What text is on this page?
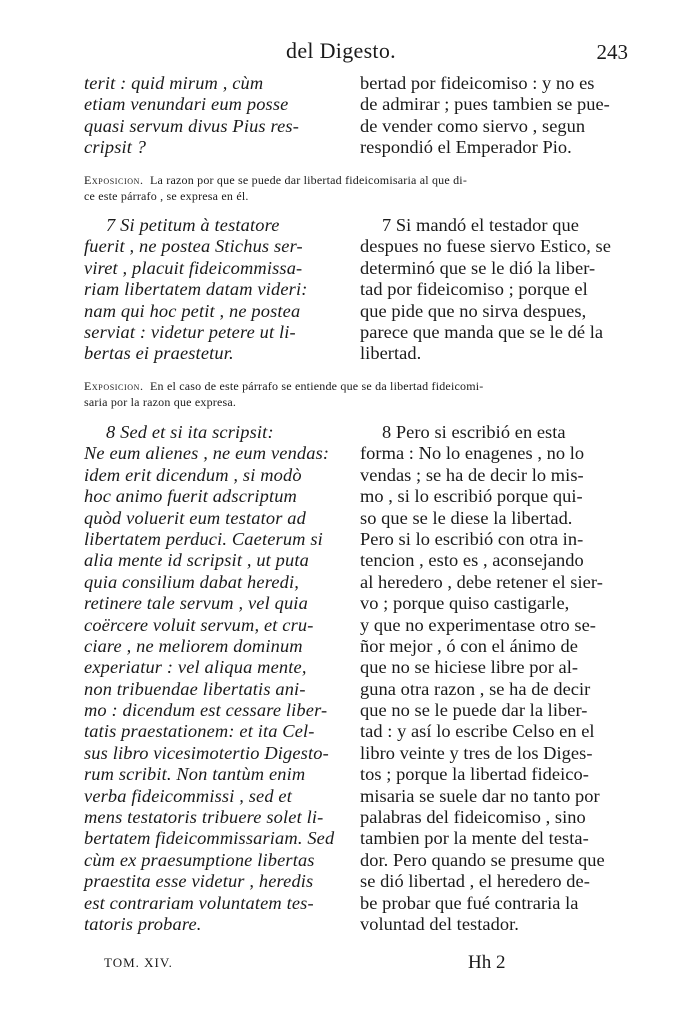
del Digesto.	243
terit : quid mirum , cùm
etiam venundari eum posse
quasi servum divus Pius res-
cripsit ?
bertad por fideicomiso : y no es
de admirar ; pues tambien se pue-
de vender como siervo , segun
respondió el Emperador Pio.
Exposicion. La razon por que se puede dar libertad fideicomisaria al que di-
ce este párrafo , se expresa en él.
7 Si petitum à testatore
fuerit , ne postea Stichus ser-
viret , placuit fideicommissa-
riam libertatem datam videri:
nam qui hoc petit , ne postea
serviat : videtur petere ut li-
bertas ei praestetur.
7 Si mandó el testador que
despues no fuese siervo Estico, se
determinó que se le dió la liber-
tad por fideicomiso ; porque el
que pide que no sirva despues,
parece que manda que se le dé la
libertad.
Exposicion. En el caso de este párrafo se entiende que se da libertad fideicomi-
saria por la razon que expresa.
8 Sed et si ita scripsit:
Ne eum alienes , ne eum vendas:
idem erit dicendum , si modò
hoc animo fuerit adscriptum
quòd voluerit eum testator ad
libertatem perduci. Caeterum si
alia mente id scripsit , ut puta
quia consilium dabat heredi,
retinere tale servum , vel quia
coërcere voluit servum, et cru-
ciare , ne meliorem dominum
experiatur : vel aliqua mente,
non tribuendae libertatis ani-
mo : dicendum est cessare liber-
tatis praestationem: et ita Cel-
sus libro vicesimotertio Digesto-
rum scribit. Non tantùm enim
verba fideicommissi , sed et
mens testatoris tribuere solet li-
bertatem fideicommissariam. Sed
cùm ex praesumptione libertas
praestita esse videtur , heredis
est contrariam voluntatem tes-
tatoris probare.
8 Pero si escribió en esta
forma : No lo enagenes , no lo
vendas ; se ha de decir lo mis-
mo , si lo escribió porque qui-
so que se le diese la libertad.
Pero si lo escribió con otra in-
tencion , esto es , aconsejando
al heredero , debe retener el sier-
vo ; porque quiso castigarle,
y que no experimentase otro se-
ñor mejor , ó con el ánimo de
que no se hiciese libre por al-
guna otra razon , se ha de decir
que no se le puede dar la liber-
tad : y así lo escribe Celso en el
libro veinte y tres de los Diges-
tos ; porque la libertad fideico-
misaria se suele dar no tanto por
palabras del fideicomiso , sino
tambien por la mente del testa-
dor. Pero quando se presume que
se dió libertad , el heredero de-
be probar que fué contraria la
voluntad del testador.
TOM. XIV.	Hh 2
